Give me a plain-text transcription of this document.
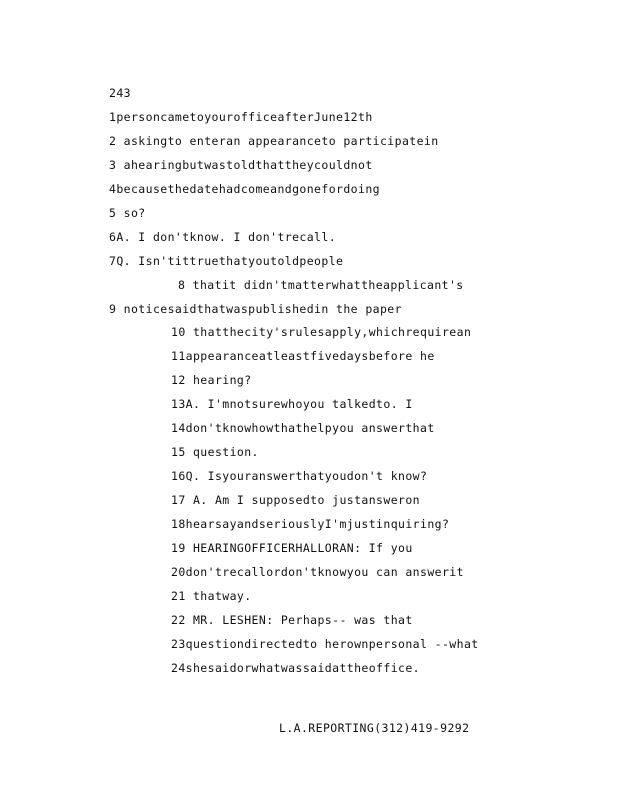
243
1personcametoyourofficeafterJune12th
2 askingto enteran appearanceto participatein
3 ahearingbutwastoldthattheycouldnot
4becausethedatehadcomeandgonefordoing
5 so?
6A. I don'tknow. I don'trecall.
7Q. Isn'tittruethatyoutoldpeople
8 thatit didn'tmatterwhattheapplicant's
9 noticesaidthatwaspublishedin the paper
10 thatthecity'srulesapply,whichrequirean
11appearanceatleastfivedaysbefore he
12 hearing?
13A. I'mnotsurewhoyou talkedto. I
14don'tknowhowthathelpyou answerthat
15 question.
16Q. Isyouranswerthatyoudon't know?
17 A. Am I supposedto justansweron
18hearsayandseriouslyI'mjustinquiring?
19 HEARINGOFFICERHALLORAN: If you
20don'trecallordon'tknowyou can answerit
21 thatway.
22 MR. LESHEN: Perhaps-- was that
23questiondirectedto herownpersonal --what
24shesaidorwhatwassaidattheoffice.
L.A.REPORTING(312)419-9292
